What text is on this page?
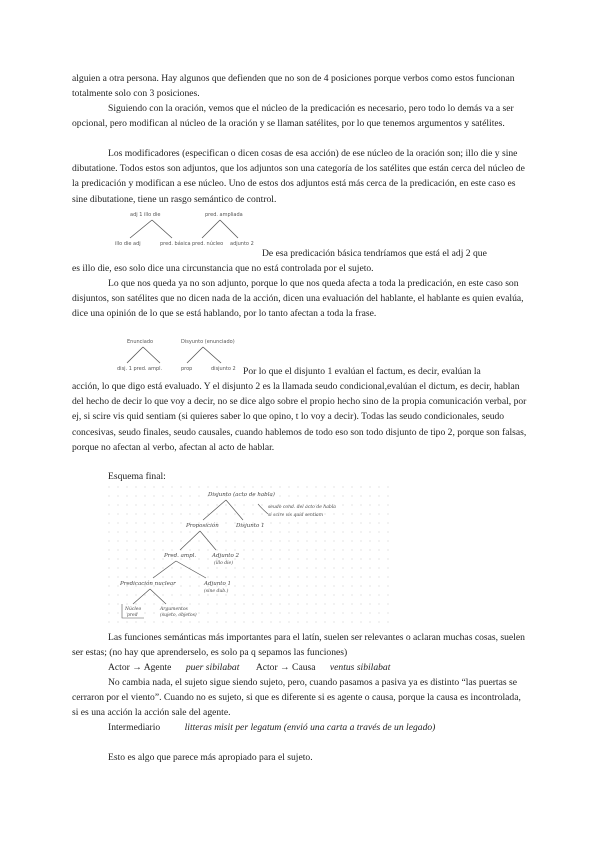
alguien a otra persona. Hay algunos que defienden que no son de 4 posiciones porque verbos como estos funcionan totalmente solo con 3 posiciones.

Siguiendo con la oración, vemos que el núcleo de la predicación es necesario, pero todo lo demás va a ser opcional, pero modifican al núcleo de la oración y se llaman satélites, por lo que tenemos argumentos y satélites.

Los modificadores (especifican o dicen cosas de esa acción) de ese núcleo de la oración son; illo die y sine dibutatione. Todos estos son adjuntos, que los adjuntos son una categoría de los satélites que están cerca del núcleo de la predicación y modifican a ese núcleo. Uno de estos dos adjuntos está más cerca de la predicación, en este caso es sine dibutatione, tiene un rasgo semántico de control.

adj 1 illo die	pred. ampliada
illo die adj	pred. básica pred. núcleo adjunto 2
De esa predicación básica tendríamos que está el adj 2 que
es illo die, eso solo dice una circunstancia que no está controlada por el sujeto.

Lo que nos queda ya no son adjunto, porque lo que nos queda afecta a toda la predicación, en este caso son disjuntos, son satélites que no dicen nada de la acción, dicen una evaluación del hablante, el hablante es quien evalúa, dice una opinión de lo que se está hablando, por lo tanto afectan a toda la frase.

Enunciado	Disyunto (enunciado)
disj. 1 pred. ampl.	prop	disjunto 2 Por lo que el disjunto 1 evalúan el factum, es decir, evalúan la

acción, lo que digo está evaluado. Y el disjunto 2 es la llamada seudo condicional,evalúan el dictum, es decir, hablan del hecho de decir lo que voy a decir, no se dice algo sobre el propio hecho sino de la propia comunicación verbal, por ej, si scire vis quid sentiam (si quieres saber lo que opino, t lo voy a decir). Todas las seudo condicionales, seudo concesivas, seudo finales, seudo causales, cuando hablemos de todo eso son todo disjunto de tipo 2, porque son falsas, porque no afectan al verbo, afectan al acto de hablar.

Esquema final:
Disjunto (acto de habla)
seudo cond. del acto de habla
si scire vis quid sentiam
Proposición	Disjunto 1
Pred. ampl.	Adjunto 2
(illo die)
Predicación nuclear	Adjunto 1
(sine dub.)
Núcleo
pred
Argumentos
(sujeto, objetos)

Las funciones semánticas más importantes para el latín, suelen ser relevantes o aclaran muchas cosas, suelen ser estas; (no hay que aprenderselo, es solo pa q sepamos las funciones)

Actor → Agente puer sibilabat Actor → Causa ventus sibilabat

No cambia nada, el sujeto sigue siendo sujeto, pero, cuando pasamos a pasiva ya es distinto “las puertas se cerraron por el viento”. Cuando no es sujeto, si que es diferente si es agente o causa, porque la causa es incontrolada, si es una acción la acción sale del agente.

Intermediario	litteras misit per legatum (envió una carta a través de un legado)
Esto es algo que parece más apropiado para el sujeto.
